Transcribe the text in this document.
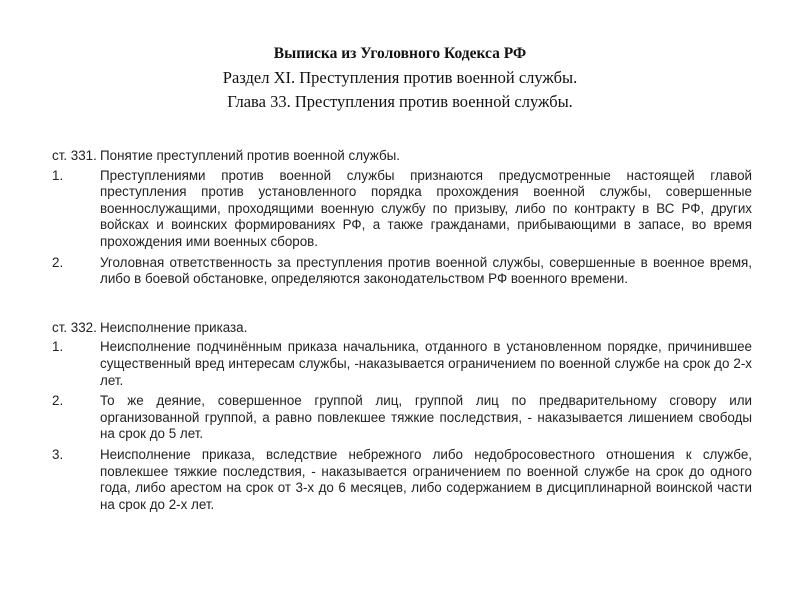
Выписка из Уголовного Кодекса РФ
Раздел XI. Преступления против военной службы.
Глава 33. Преступления против военной службы.
ст. 331. Понятие преступлений против военной службы.
1.	Преступлениями против военной службы признаются предусмотренные настоящей главой преступления против установленного порядка прохождения военной службы, совершенные военнослужащими, проходящими военную службу по призыву, либо по контракту в ВС РФ, других войсках и воинских формированиях РФ, а также гражданами, прибывающими в запасе, во время прохождения ими военных сборов.
2.	Уголовная ответственность за преступления против военной службы, совершенные в военное время, либо в боевой обстановке, определяются законодательством РФ военного времени.
ст. 332. Неисполнение приказа.
1.	Неисполнение подчинённым приказа начальника, отданного в установленном порядке, причинившее существенный вред интересам службы, -наказывается ограничением по военной службе на срок до 2-х лет.
2.	То же деяние, совершенное группой лиц, группой лиц по предварительному сговору или организованной группой, а равно повлекшее тяжкие последствия, - наказывается лишением свободы на срок до 5 лет.
3.	Неисполнение приказа, вследствие небрежного либо недобросовестного отношения к службе, повлекшее тяжкие последствия, - наказывается ограничением по военной службе на срок до одного года, либо арестом на срок от 3-х до 6 месяцев, либо содержанием в дисциплинарной воинской части на срок до 2-х лет.
